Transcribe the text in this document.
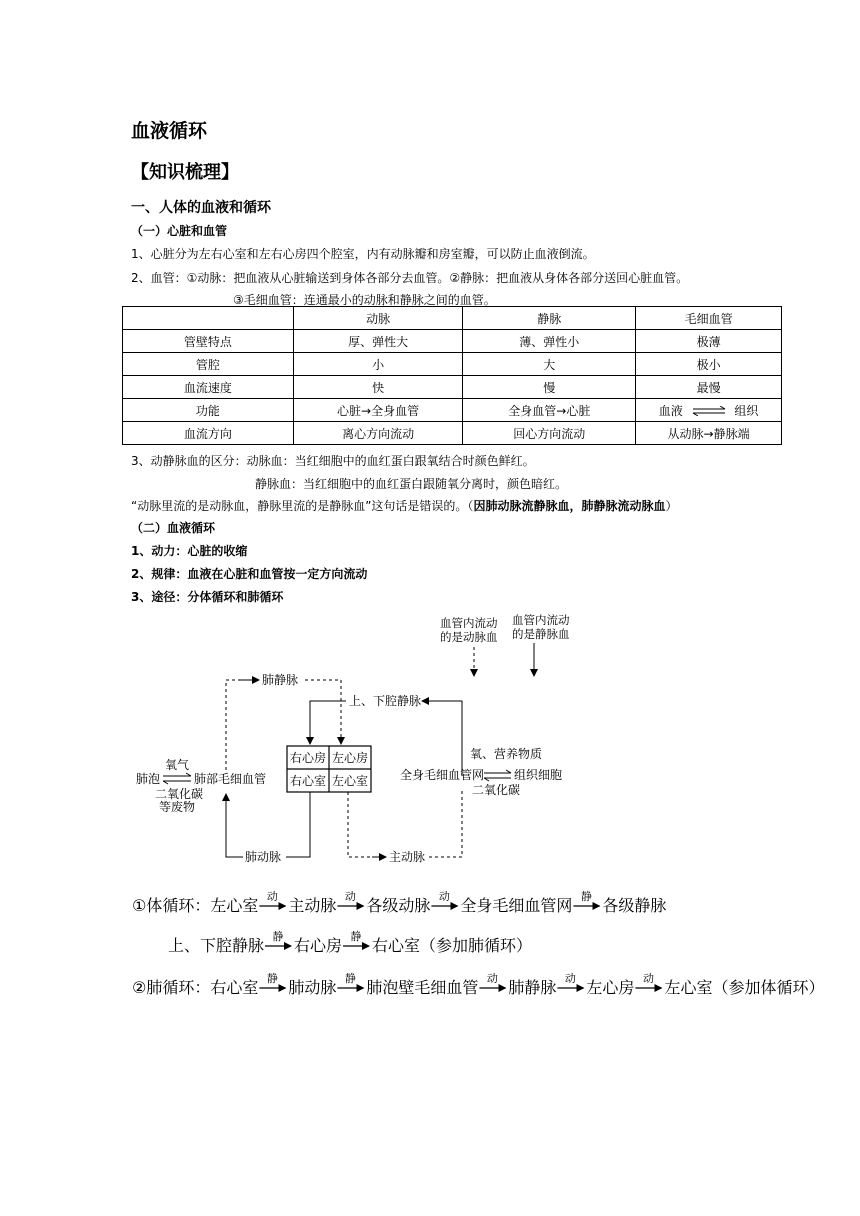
血液循环
【知识梳理】
一、人体的血液和循环
（一）心脏和血管
1、心脏分为左右心室和左右心房四个腔室，内有动脉瓣和房室瓣，可以防止血液倒流。
2、血管：①动脉：把血液从心脏输送到身体各部分去血管。②静脉：把血液从身体各部分送回心脏血管。
③毛细血管：连通最小的动脉和静脉之间的血管。
	动脉	静脉	毛细血管
管壁特点	厚、弹性大	薄、弹性小	极薄
管腔	小	大	极小
血流速度	快	慢	最慢
功能	心脏→全身血管	全身血管→心脏	血液 组织
血流方向	离心方向流动	回心方向流动	从动脉→静脉端
3、动静脉血的区分：动脉血：当红细胞中的血红蛋白跟氧结合时颜色鲜红。
静脉血：当红细胞中的血红蛋白跟随氧分离时，颜色暗红。
“动脉里流的是动脉血，静脉里流的是静脉血”这句话是错误的。（因肺动脉流静脉血，肺静脉流动脉血）
（二）血液循环
1、动力：心脏的收缩
2、规律：血液在心脏和血管按一定方向流动
3、途径：分体循环和肺循环
血管内流动
的是动脉血
血管内流动
的是静脉血
右心房 左心房
右心室 左心室
肺静脉
上、下腔静脉
氧气
肺泡	肺部毛细血管
二氧化碳
等废物
氧、营养物质
全身毛细血管网 组织细胞
二氧化碳
肺动脉	主动脉
①体循环： 左心室 动 主动脉 动 各级动脉 动 全身毛细血管网 静 各级静脉
上、下腔静脉 静 右心房 静 右心室（参加肺循环）
②肺循环： 右心室 静 肺动脉 静 肺泡壁毛细血管 动 肺静脉 动 左心房 动 左心室（参加体循环）
